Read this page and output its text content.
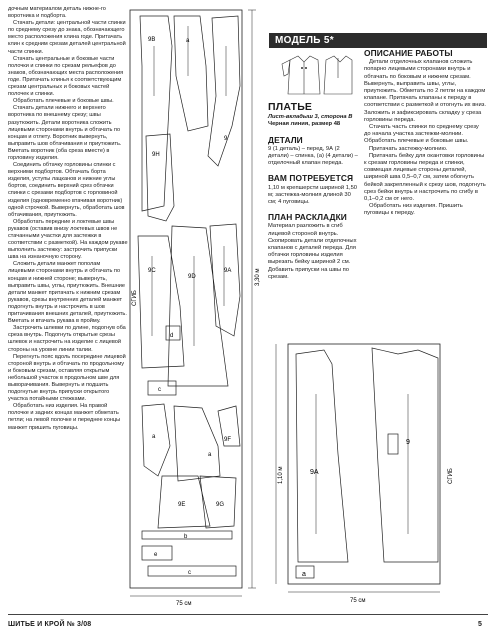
дочным материалом деталь нижне-го воротника и подборта.

Стачать детали: центральной части спинки по среднему срезу до знака, обозначающего место расположения клина годе. Притачать клин к средним срезам деталей центральной части спинки.

Стачать центральные и боковые части полочки и спинки по срезам рельефов до знаков, обозначающих места расположения годе. Притачать клинья к соответствующим срезам центральных и боковых частей полочек и спинки.

Обработать плечевые и боковые швы.

Стачать детали нижнего и верхнего воротника по внешнему срезу; швы разутюжить. Детали воротника сложить лицевыми сторонами внутрь и обтачать по концам и отлету. Воротник вывернуть, выправить шов обтачивания и приутюжить. Вметать воротник (оба среза вместе) в горловину изделия.

Соединить обтачку горловины спинки с верхними подбортов. Обтачать борта изделия, уступы лацканов и нижние углы бортов, соединить верхний срез обтачки спинки с срезами подбортов с горловиной изделия (одновременно втачивая воротник) одной строчкой. Вывернуть, обработать шов обтачивания, приутюжить.

Обработать передние и локтевые швы рукавов (оставив внизу локтевых швов не стачанными участки для застежки в соответствии с разметкой). На каждом рукаве выполнить застежку: застрочить припуски шва на изнаночную сторону.

Сложить детали манжет пополам лицевыми сторонами внутрь и обтачать по концам и нижней стороне; вывернуть, выправить швы, углы, приутюжить. Внешние детали манжет притачать к нижним срезам рукавов, срезы внутренних деталей манжет подогнуть внутрь и настрочить в шов притачивания внешних деталей, приутюжить. Вметать и втачать рукава в пройму.

Застрочить шлевки по длине, подогнув оба среза внутрь. Подогнуть открытые срезы шлевок и настрочить на изделие с лицевой стороны на уровне линии талии.

Перегнуть пояс вдоль посередине лицевой стороной внутрь и обтачать по продольному и боковым срезам, оставляя открытым небольшой участок в продольном шве для выворачивания. Вывернуть и подшить подогнутые внутрь припуски открытого участка потайными стежками.

Обработать низ изделия. На правой полочке и задних концах манжет обметать петли; на левой полочке и переднее концы манжет пришить пуговицы.

3,30 м
СГИБ
75 см
9B	a
9H
9
9C
9D
9A
c
d
9F
9E	9G
a
a
b
e
c
МОДЕЛЬ 5*
ПЛАТЬЕ
Лист-вкладыш 3, сторона В
Черная линия, размер 48
ДЕТАЛИ
9 (1 деталь) – перед, 9А (2 детали) – спинка, (а) (4 детали) – отделочный клапан переда.
ВАМ ПОТРЕБУЕТСЯ
1,10 м крепшерсти шириной 1,50 м; застежка-молния длиной 30 см; 4 пуговицы.
ПЛАН РАСКЛАДКИ
Материал разложить в сгиб лицевой стороной внутрь. Скопировать детали отделочных клапанов с деталей переда. Для обтачки горловины изделия вырезать бейку шириной 2 см. Добавить припуски на швы по срезам.
ОПИСАНИЕ РАБОТЫ

Детали отделочных клапанов сложить попарно лицевыми сторонами внутрь и обтачать по боковым и нижнем срезам. Вывернуть, выправить швы, углы, приутюжить. Обметать по 2 петли на каждом клапане. Притачать клапаны к переду в соответствии с разметкой и отогнуть их вниз. Заложить и зафиксировать складку у среза горловины переда.

Стачать часть спинки по среднему срезу до начала участка застежки-молнии. Обработать плечевые и боковые швы.

Притачать застежку-молнию.

Притачать бейку для окантовки горловины к срезам горловины переда и спинки, совмещая лицевые стороны деталей, шириной шва 0,5–0,7 см, затем обогнуть бейкой закрепленный к срезу шов, подогнуть срез бейки внутрь и настрочить по сгибу в 0,1–0,2 см от него.

Обработать низ изделия. Пришить пуговицы к переду.

1,10 м
75 см
СГИБ
9A
9
a
ШИТЬЕ И КРОЙ № 3/08	5
